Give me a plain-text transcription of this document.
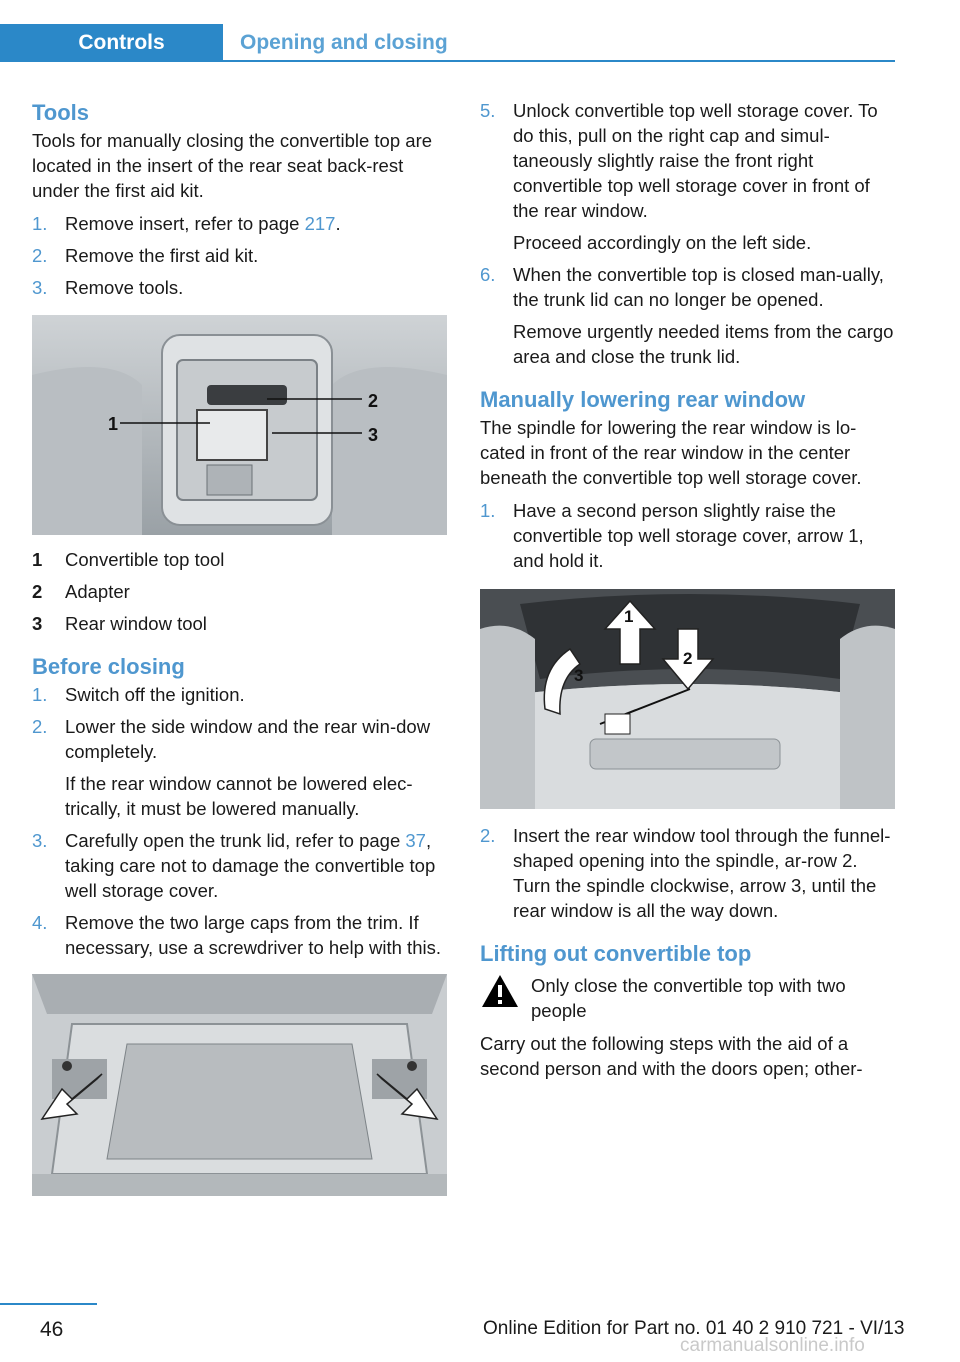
Controls	Opening and closing
Tools

Tools for manually closing the convertible top are located in the insert of the rear seat back-rest under the first aid kit.

1. Remove insert, refer to page 217.
2. Remove the first aid kit.
3. Remove tools.
1
2
3
1	Convertible top tool
2	Adapter
3	Rear window tool
Before closing
1. Switch off the ignition.
2. Lower the side window and the rear win-dow completely.

If the rear window cannot be lowered elec-trically, it must be lowered manually.

3. Carefully open the trunk lid, refer to page 37, taking care not to damage the convertible top well storage cover.
4. Remove the two large caps from the trim. If necessary, use a screwdriver to help with this.
5. Unlock convertible top well storage cover. To do this, pull on the right cap and simul-taneously slightly raise the front right convertible top well storage cover in front of the rear window.

Proceed accordingly on the left side.

6. When the convertible top is closed man-ually, the trunk lid can no longer be opened.

Remove urgently needed items from the cargo area and close the trunk lid.

Manually lowering rear window

The spindle for lowering the rear window is lo-cated in front of the rear window in the center beneath the convertible top well storage cover.

1. Have a second person slightly raise the convertible top well storage cover, arrow 1, and hold it.
1
2
3
2. Insert the rear window tool through the funnel-shaped opening into the spindle, ar-row 2. Turn the spindle clockwise, arrow 3, until the rear window is all the way down.
Lifting out convertible top
Only close the convertible top with two people

Carry out the following steps with the aid of a second person and with the doors open; other-

46	Online Edition for Part no. 01 40 2 910 721 - VI/13
carmanualsonline.info
